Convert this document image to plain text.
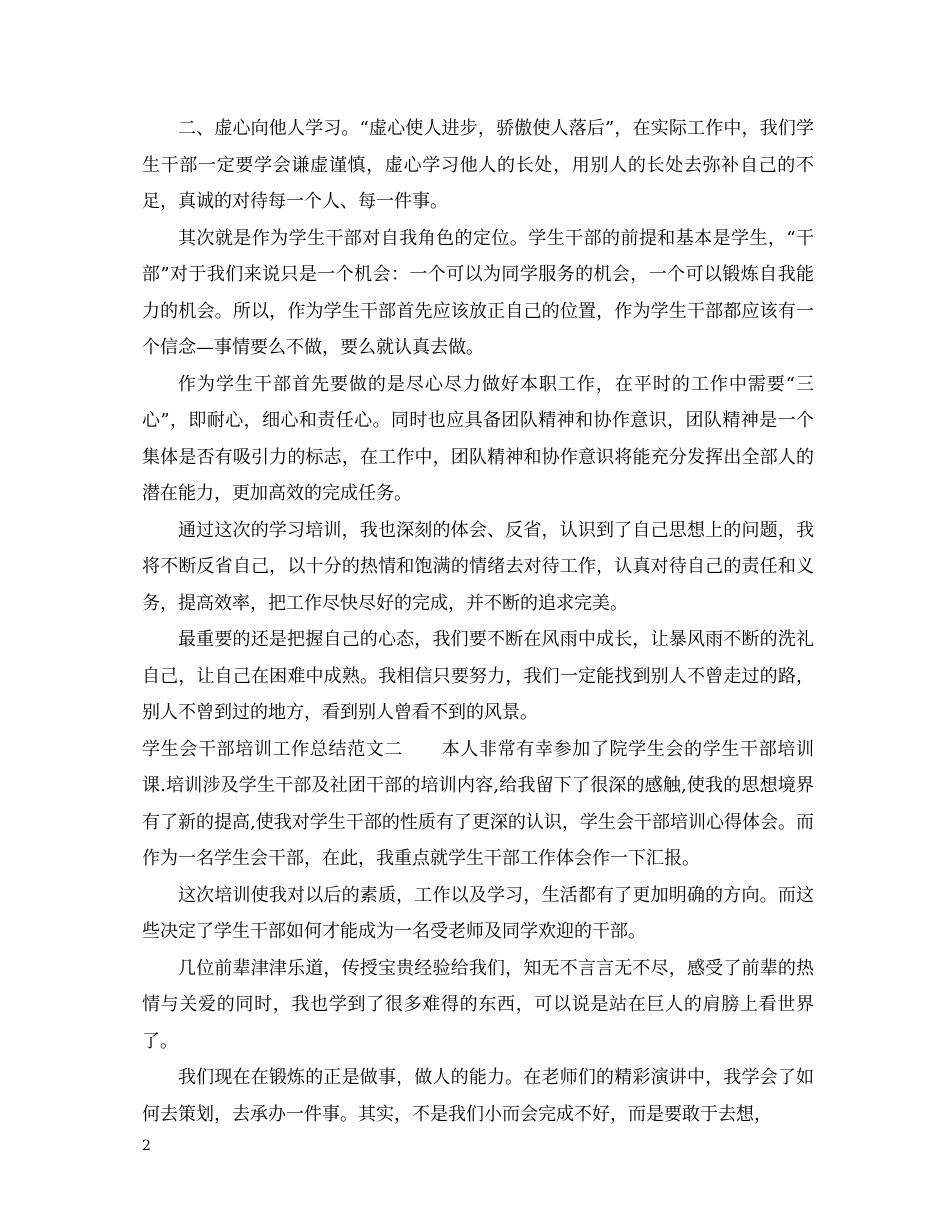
二、虚心向他人学习。“虚心使人进步，骄傲使人落后”，在实际工作中，我们学生干部一定要学会谦虚谨慎，虚心学习他人的长处，用别人的长处去弥补自己的不足，真诚的对待每一个人、每一件事。

其次就是作为学生干部对自我角色的定位。学生干部的前提和基本是学生，“干部”对于我们来说只是一个机会：一个可以为同学服务的机会，一个可以锻炼自我能力的机会。所以，作为学生干部首先应该放正自己的位置，作为学生干部都应该有一个信念—事情要么不做，要么就认真去做。

作为学生干部首先要做的是尽心尽力做好本职工作，在平时的工作中需要“三心”，即耐心，细心和责任心。同时也应具备团队精神和协作意识，团队精神是一个集体是否有吸引力的标志，在工作中，团队精神和协作意识将能充分发挥出全部人的潜在能力，更加高效的完成任务。

通过这次的学习培训，我也深刻的体会、反省，认识到了自己思想上的问题，我将不断反省自己，以十分的热情和饱满的情绪去对待工作，认真对待自己的责任和义务，提高效率，把工作尽快尽好的完成，并不断的追求完美。

最重要的还是把握自己的心态，我们要不断在风雨中成长，让暴风雨不断的洗礼自己，让自己在困难中成熟。我相信只要努力，我们一定能找到别人不曾走过的路，别人不曾到过的地方，看到别人曾看不到的风景。

学生会干部培训工作总结范文二 本人非常有幸参加了院学生会的学生干部培训课.培训涉及学生干部及社团干部的培训内容,给我留下了很深的感触,使我的思想境界有了新的提高,使我对学生干部的性质有了更深的认识，学生会干部培训心得体会。而作为一名学生会干部，在此，我重点就学生干部工作体会作一下汇报。

这次培训使我对以后的素质，工作以及学习，生活都有了更加明确的方向。而这些决定了学生干部如何才能成为一名受老师及同学欢迎的干部。

几位前辈津津乐道，传授宝贵经验给我们，知无不言言无不尽，感受了前辈的热情与关爱的同时，我也学到了很多难得的东西，可以说是站在巨人的肩膀上看世界了。

我们现在在锻炼的正是做事，做人的能力。在老师们的精彩演讲中，我学会了如何去策划，去承办一件事。其实，不是我们小而会完成不好，而是要敢于去想，

2
